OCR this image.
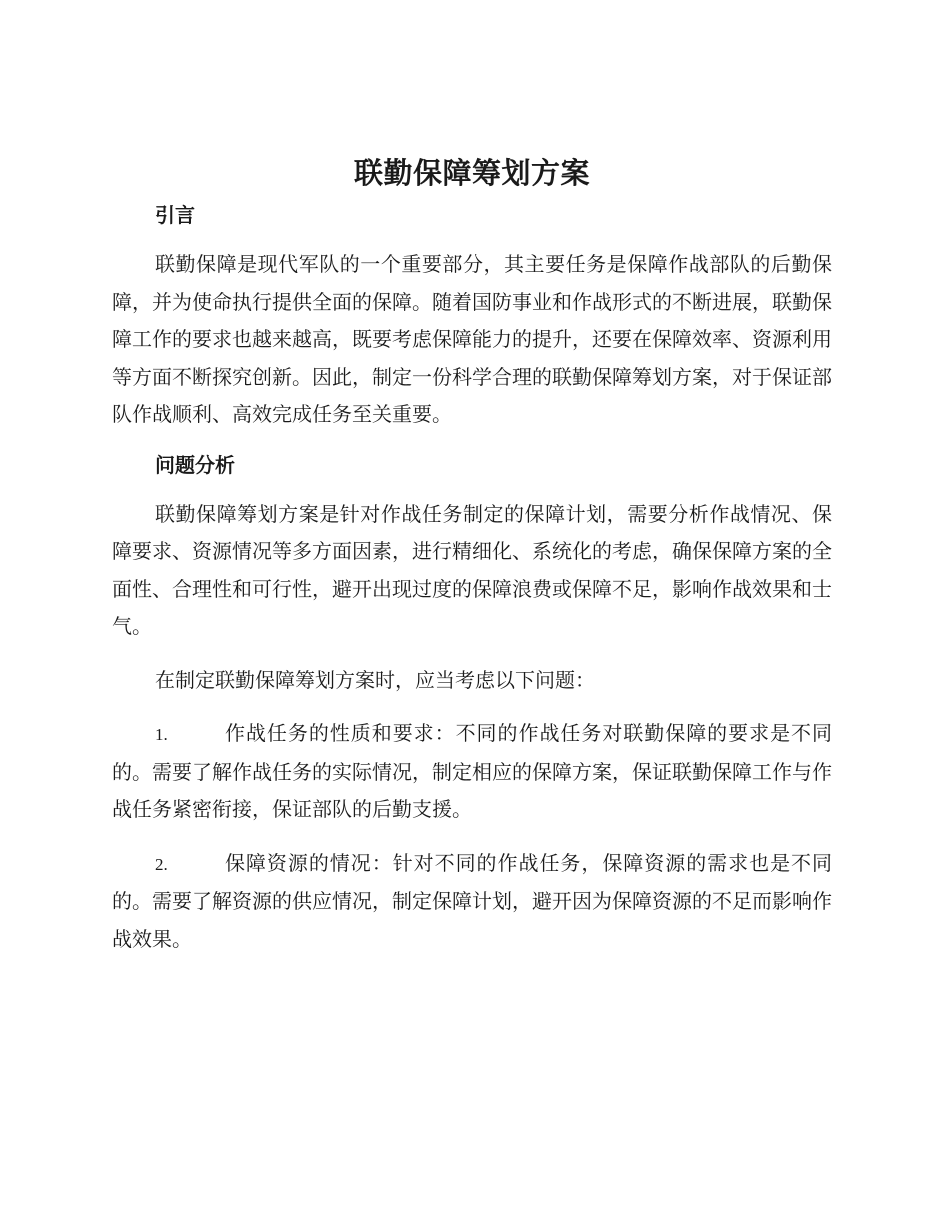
联勤保障筹划方案
引言

联勤保障是现代军队的一个重要部分，其主要任务是保障作战部队的后勤保障，并为使命执行提供全面的保障。随着国防事业和作战形式的不断进展，联勤保障工作的要求也越来越高，既要考虑保障能力的提升，还要在保障效率、资源利用等方面不断探究创新。因此，制定一份科学合理的联勤保障筹划方案，对于保证部队作战顺利、高效完成任务至关重要。

问题分析

联勤保障筹划方案是针对作战任务制定的保障计划，需要分析作战情况、保障要求、资源情况等多方面因素，进行精细化、系统化的考虑，确保保障方案的全面性、合理性和可行性，避开出现过度的保障浪费或保障不足，影响作战效果和士气。

在制定联勤保障筹划方案时，应当考虑以下问题：

1.	作战任务的性质和要求：不同的作战任务对联勤保障的要求是不同的。需要了解作战任务的实际情况，制定相应的保障方案，保证联勤保障工作与作战任务紧密衔接，保证部队的后勤支援。

2.	保障资源的情况：针对不同的作战任务，保障资源的需求也是不同的。需要了解资源的供应情况，制定保障计划，避开因为保障资源的不足而影响作战效果。
